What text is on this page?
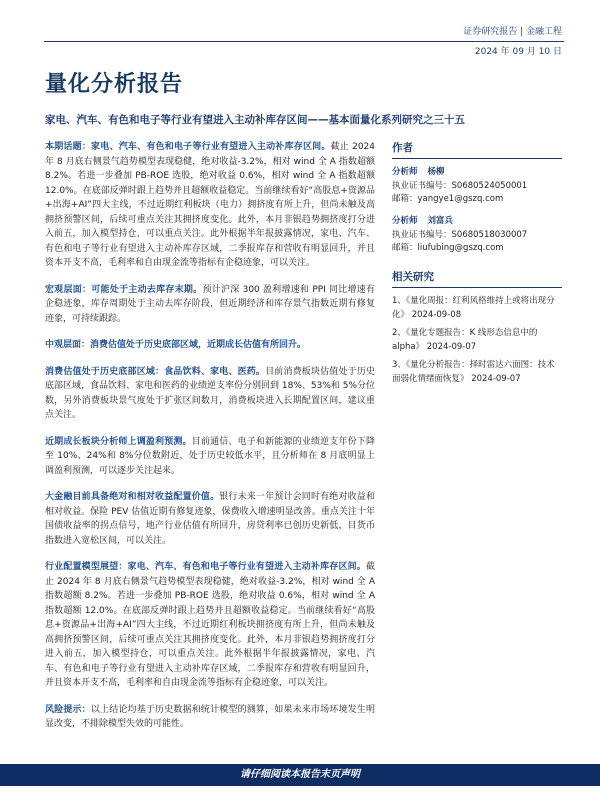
证券研究报告 | 金融工程
2024 年 09 月 10 日
量化分析报告
家电、汽车、有色和电子等行业有望进入主动补库存区间——基本面量化系列研究之三十五

本期话题：家电、汽车、有色和电子等行业有望进入主动补库存区间。截止 2024 年 8 月底右侧景气趋势模型表现稳健，绝对收益-3.2%，相对 wind 全 A 指数超额 8.2%。若进一步叠加 PB-ROE 选股，绝对收益 0.6%，相对 wind 全 A 指数超额 12.0%。在底部反弹时跟上趋势并且超额收益稳定。当前继续看好“高股息+资源品+出海+AI”四大主线，不过近期红利板块（电力）拥挤度有所上升，但尚未触及高拥挤预警区间，后续可重点关注其拥挤度变化。此外，本月非银趋势拥挤度打分进入前五，加入模型持仓，可以重点关注。此外根据半年报披露情况，家电、汽车、有色和电子等行业有望进入主动补库存区域，二季报库存和营收有明显回升，并且资本开支不高，毛利率和自由现金流等指标有企稳迹象，可以关注。

宏观层面：可能处于主动去库存末期。预计沪深 300 盈利增速和 PPI 同比增速有企稳迹象，库存周期处于主动去库存阶段，但近期经济和库存景气指数近期有修复迹象，可持续跟踪。

中观层面：消费估值处于历史底部区域，近期成长估值有所回升。

消费估值处于历史底部区域：食品饮料、家电、医药。目前消费板块估值处于历史底部区域，食品饮料、家电和医药的业绩逆支率份分别回到 18%、53%和 5%分位数，另外消费板块景气度处于扩张区间数月，消费板块进入长期配置区间，建议重点关注。

近期成长板块分析师上调盈利预测。目前通信、电子和新能源的业绩逆支年份下降至 10%、24%和 8%分位数附近，处于历史较低水平，且分析师在 8 月底明显上调盈利预测，可以逐步关注起来。

大金融目前具备绝对和相对收益配置价值。银行未来一年预计会同时有绝对收益和相对收益。保险 PEV 估值近期有修复迹象，保费收入增速明显改善。重点关注十年国债收益率的拐点信号，地产行业估值有所回升，房贷利率已创历史新低，目货币指数进入宽松区间，可以关注。

行业配置模型展望：家电、汽车、有色和电子等行业有望进入主动补库存区间。截止 2024 年 8 月底右侧景气趋势模型表现稳健，绝对收益-3.2%，相对 wind 全 A 指数超额 8.2%。若进一步叠加 PB-ROE 选股，绝对收益 0.6%，相对 wind 全 A 指数超额 12.0%。在底部反弹时跟上趋势并且超额收益稳定。当前继续看好“高股息+资源品+出海+AI”四大主线，不过近期红利板块拥挤度有所上升，但尚未触及高拥挤预警区间，后续可重点关注其拥挤度变化。此外，本月非银趋势拥挤度打分进入前五，加入模型持仓，可以重点关注。此外根据半年报披露情况，家电、汽车、有色和电子等行业有望进入主动补库存区域，二季报库存和营收有明显回升，并且资本开支不高，毛利率和自由现金流等指标有企稳迹象，可以关注。

风险提示：以上结论均基于历史数据和统计模型的测算，如果未来市场环境发生明显改变，不排除模型失效的可能性。

作者
分析师 杨柳
执业证书编号：S0680524050001
邮箱：yangye1@gszq.com
分析师 刘富兵
执业证书编号：S0680518030007
邮箱：liufubing@gszq.com
相关研究
1、《量化周报：红利风格维持上或将出现分化》 2024-09-08
2、《量化专题报告：K 线形态信息中的 alpha》 2024-09-07
3、《量化分析报告：择时雷达六面图：技术面弱化情绪面恢复》 2024-09-07
请仔细阅读本报告末页声明
